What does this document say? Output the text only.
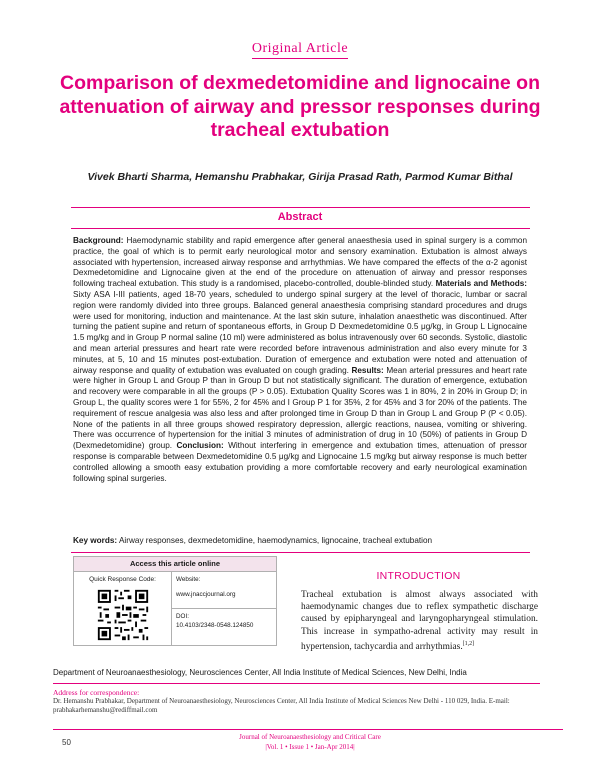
Original Article
Comparison of dexmedetomidine and lignocaine on attenuation of airway and pressor responses during tracheal extubation
Vivek Bharti Sharma, Hemanshu Prabhakar, Girija Prasad Rath, Parmod Kumar Bithal
Abstract
Background: Haemodynamic stability and rapid emergence after general anaesthesia used in spinal surgery is a common practice, the goal of which is to permit early neurological motor and sensory examination. Extubation is almost always associated with hypertension, increased airway response and arrhythmias. We have compared the effects of the α-2 agonist Dexmedetomidine and Lignocaine given at the end of the procedure on attenuation of airway and pressor responses following tracheal extubation. This study is a randomised, placebo-controlled, double-blinded study. Materials and Methods: Sixty ASA I-III patients, aged 18-70 years, scheduled to undergo spinal surgery at the level of thoracic, lumbar or sacral region were randomly divided into three groups. Balanced general anaesthesia comprising standard procedures and drugs were used for monitoring, induction and maintenance. At the last skin suture, inhalation anaesthetic was discontinued. After turning the patient supine and return of spontaneous efforts, in Group D Dexmedetomidine 0.5 μg/kg, in Group L Lignocaine 1.5 mg/kg and in Group P normal saline (10 ml) were administered as bolus intravenously over 60 seconds. Systolic, diastolic and mean arterial pressures and heart rate were recorded before intravenous administration and also every minute for 3 minutes, at 5, 10 and 15 minutes post-extubation. Duration of emergence and extubation were noted and attenuation of airway response and quality of extubation was evaluated on cough grading. Results: Mean arterial pressures and heart rate were higher in Group L and Group P than in Group D but not statistically significant. The duration of emergence, extubation and recovery were comparable in all the groups (P > 0.05). Extubation Quality Scores was 1 in 80%, 2 in 20% in Group D; in Group L, the quality scores were 1 for 55%, 2 for 45% and I Group P 1 for 35%, 2 for 45% and 3 for 20% of the patients. The requirement of rescue analgesia was also less and after prolonged time in Group D than in Group L and Group P (P < 0.05). None of the patients in all three groups showed respiratory depression, allergic reactions, nausea, vomiting or shivering. There was occurrence of hypertension for the initial 3 minutes of administration of drug in 10 (50%) of patients in Group D (Dexmedetomidine) group. Conclusion: Without interfering in emergence and extubation times, attenuation of pressor response is comparable between Dexmedetomidine 0.5 μg/kg and Lignocaine 1.5 mg/kg but airway response is much better controlled allowing a smooth easy extubation providing a more comfortable recovery and early neurological examination following spinal surgeries.
Key words: Airway responses, dexmedetomidine, haemodynamics, lignocaine, tracheal extubation
Access this article online
Quick Response Code:	Website:
www.jnaccjournal.org
DOI:
10.4103/2348-0548.124850
INTRODUCTION
Tracheal extubation is almost always associated with haemodynamic changes due to reflex sympathetic discharge caused by epipharyngeal and laryngopharyngeal stimulation. This increase in sympatho-adrenal activity may result in hypertension, tachycardia and arrhythmias.[1,2]
Department of Neuroanaesthesiology, Neurosciences Center, All India Institute of Medical Sciences, New Delhi, India
Address for correspondence:
Dr. Hemanshu Prabhakar, Department of Neuroanaesthesiology, Neurosciences Center, All India Institute of Medical Sciences New Delhi - 110 029, India. E-mail: prabhakarhemanshu@rediffmail.com
50
Journal of Neuroanaesthesiology and Critical Care
|Vol. 1 • Issue 1 • Jan-Apr 2014|
